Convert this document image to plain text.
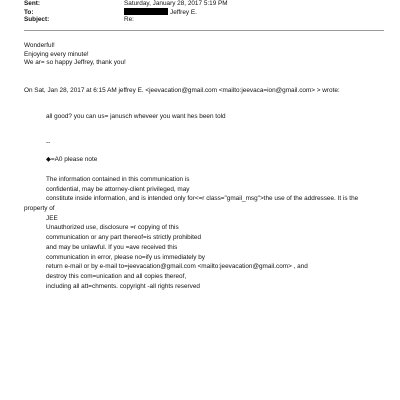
Sent:	Saturday, January 28, 2017 5:19 PM
To:	Jeffrey E.
Subject:	Re:
Wonderful!
Enjoying every minute!
We ar= so happy Jeffrey, thank you!
On Sat, Jan 28, 2017 at 6:15 AM jeffrey E. <jeevacation@gmail.com <mailto:jeevaca=ion@gmail.com> > wrote:
all good? you can us= janusch wheveer you want hes been told
--
◆=A0 please note
The information contained in this communication is
confidential, may be attorney-client privileged, may
constitute inside information, and is intended only for<=r class="gmail_msg">the use of the addressee. It is the
property of
JEE
Unauthorized use, disclosure =r copying of this
communication or any part thereof=is strictly prohibited
and may be unlawful. If you =ave received this
communication in error, please no=ify us immediately by
return e-mail or by e-mail to=jeevacation@gmail.com <mailto:jeevacation@gmail.com> , and
destroy this com=unication and all copies thereof,
including all att=chments. copyright -all rights reserved
